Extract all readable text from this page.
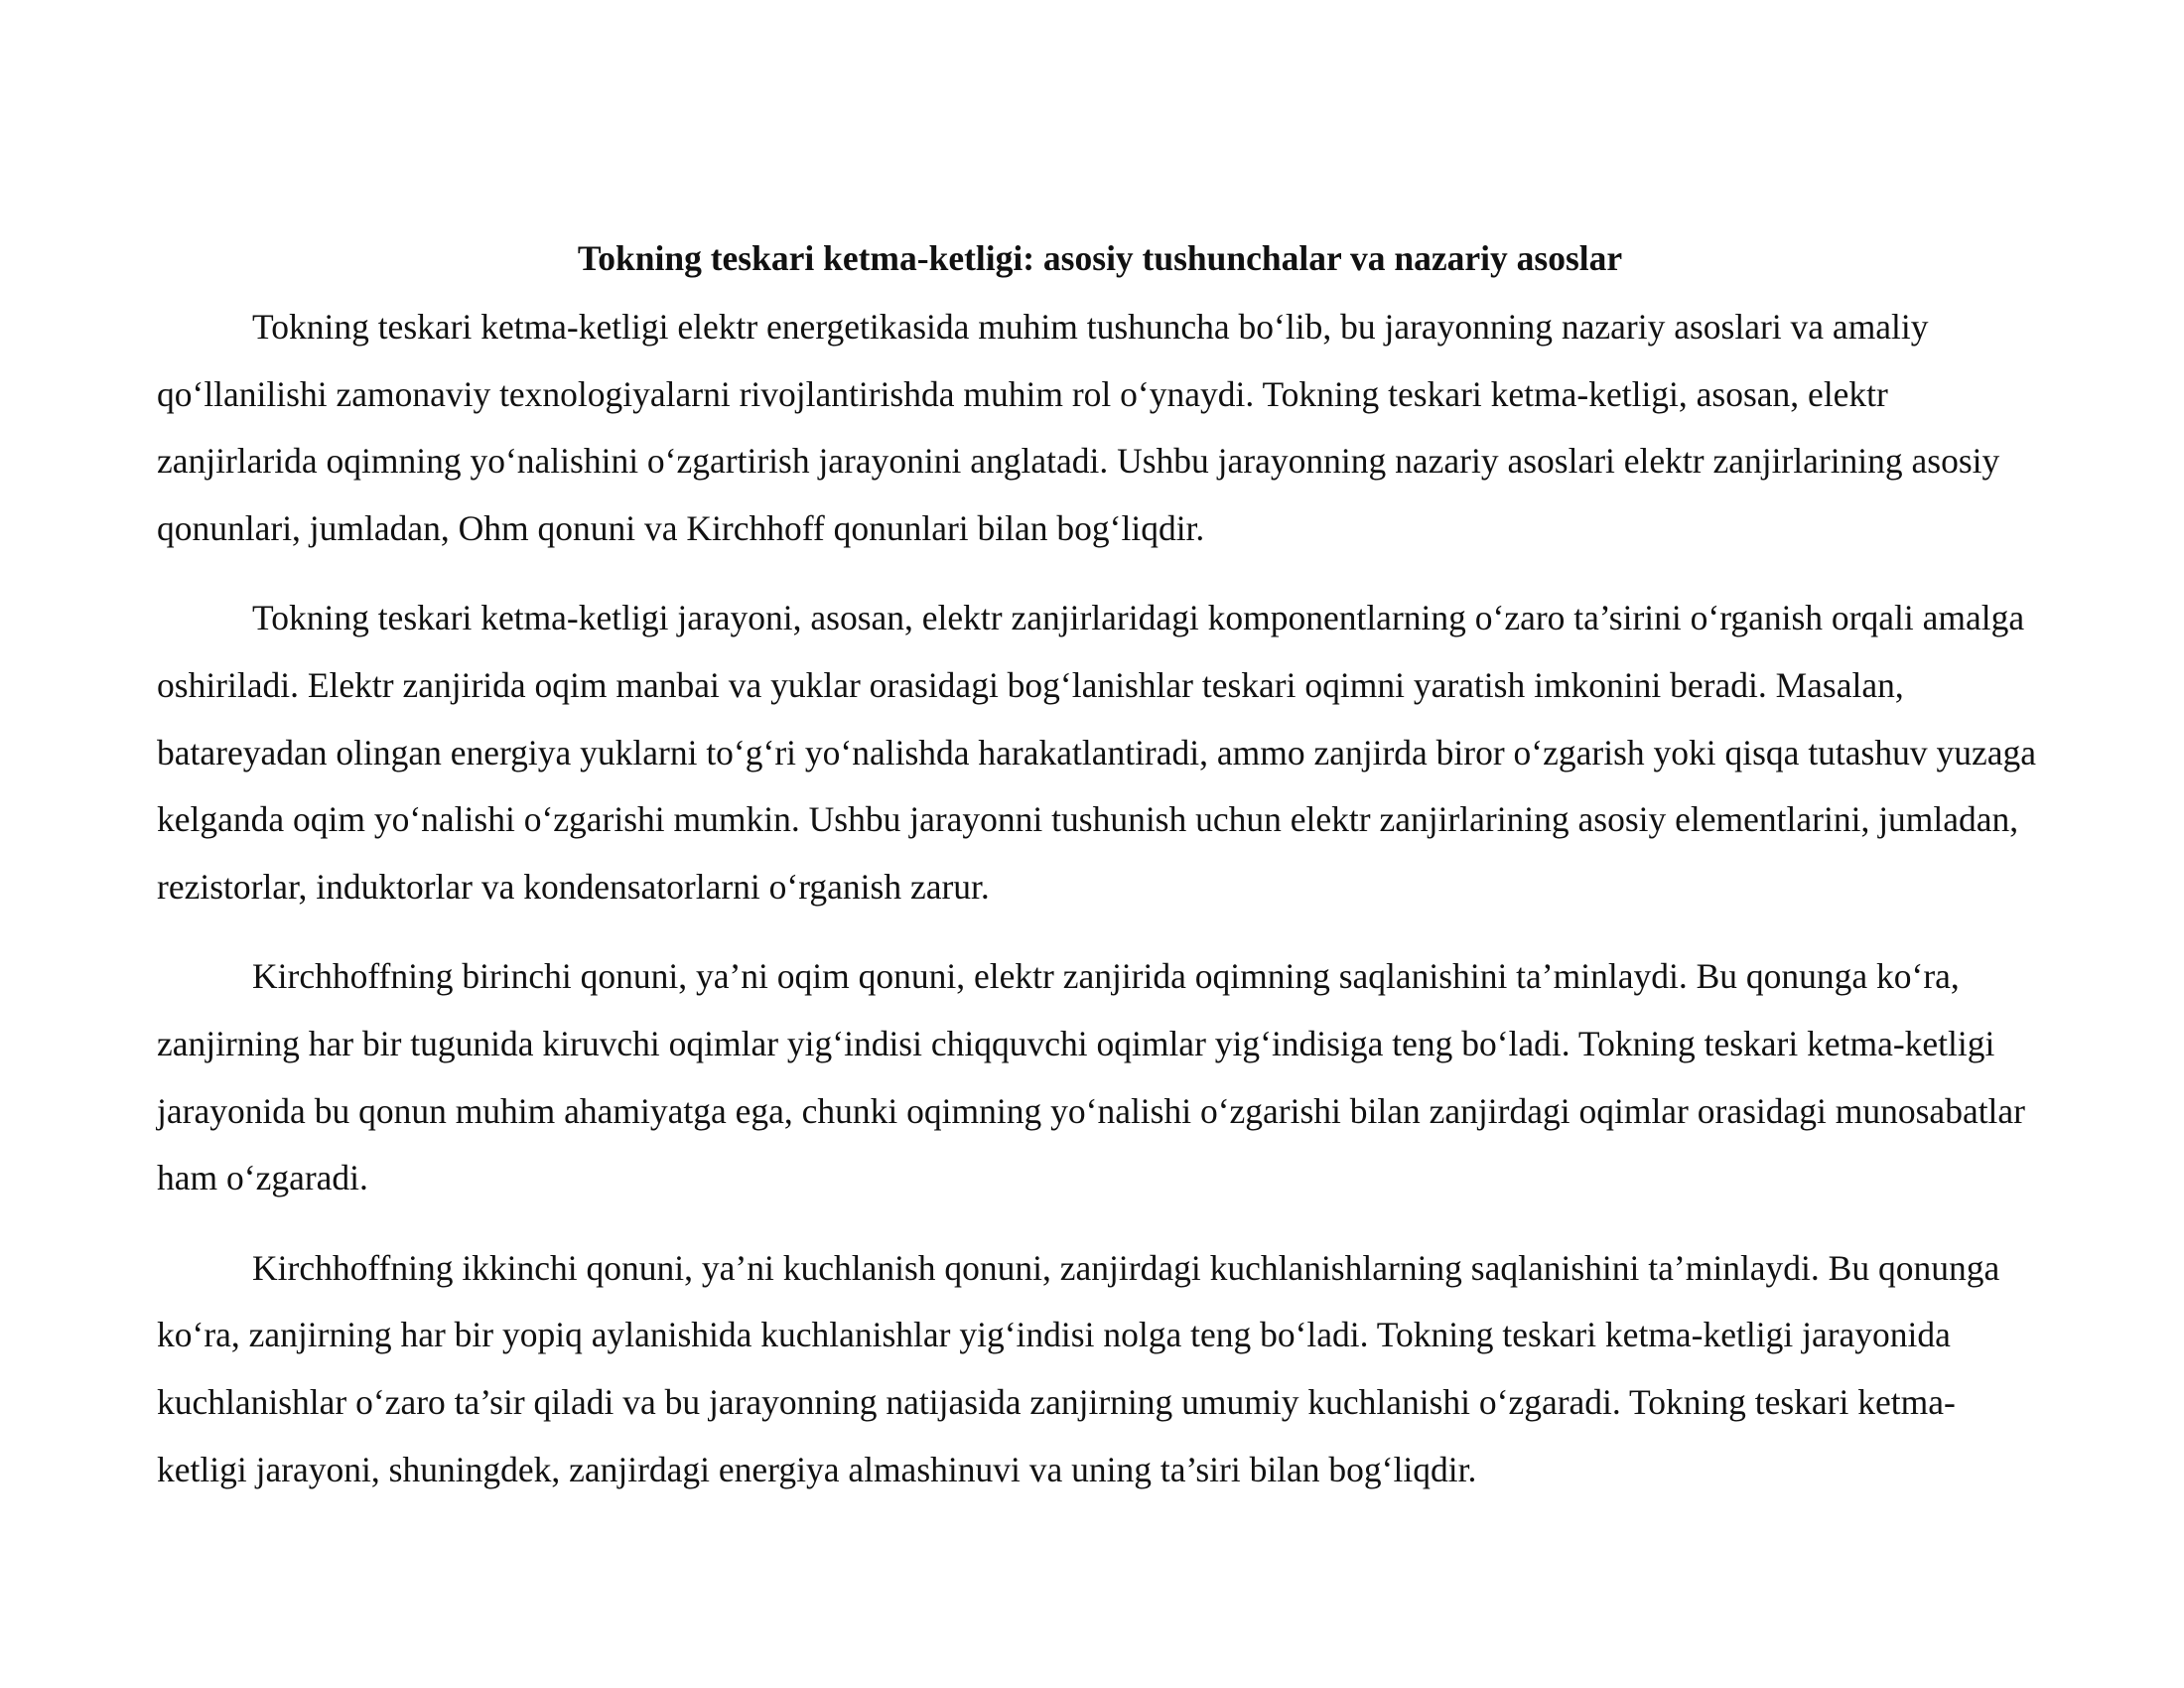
Tokning teskari ketma-ketligi: asosiy tushunchalar va nazariy asoslar

Tokning teskari ketma-ketligi elektr energetikasida muhim tushuncha bo‘lib, bu jarayonning nazariy asoslari va amaliy qo‘llanilishi zamonaviy texnologiyalarni rivojlantirishda muhim rol o‘ynaydi. Tokning teskari ketma-ketligi, asosan, elektr zanjirlarida oqimning yo‘nalishini o‘zgartirish jarayonini anglatadi. Ushbu jarayonning nazariy asoslari elektr zanjirlarining asosiy qonunlari, jumladan, Ohm qonuni va Kirchhoff qonunlari bilan bog‘liqdir.

Tokning teskari ketma-ketligi jarayoni, asosan, elektr zanjirlaridagi komponentlarning o‘zaro ta’sirini o‘rganish orqali amalga oshiriladi. Elektr zanjirida oqim manbai va yuklar orasidagi bog‘lanishlar teskari oqimni yaratish imkonini beradi. Masalan, batareyadan olingan energiya yuklarni to‘g‘ri yo‘nalishda harakatlantiradi, ammo zanjirda biror o‘zgarish yoki qisqa tutashuv yuzaga kelganda oqim yo‘nalishi o‘zgarishi mumkin. Ushbu jarayonni tushunish uchun elektr zanjirlarining asosiy elementlarini, jumladan, rezistorlar, induktorlar va kondensatorlarni o‘rganish zarur.

Kirchhoffning birinchi qonuni, ya’ni oqim qonuni, elektr zanjirida oqimning saqlanishini ta’minlaydi. Bu qonunga ko‘ra, zanjirning har bir tugunida kiruvchi oqimlar yig‘indisi chiqquvchi oqimlar yig‘indisiga teng bo‘ladi. Tokning teskari ketma-ketligi jarayonida bu qonun muhim ahamiyatga ega, chunki oqimning yo‘nalishi o‘zgarishi bilan zanjirdagi oqimlar orasidagi munosabatlar ham o‘zgaradi.

Kirchhoffning ikkinchi qonuni, ya’ni kuchlanish qonuni, zanjirdagi kuchlanishlarning saqlanishini ta’minlaydi. Bu qonunga ko‘ra, zanjirning har bir yopiq aylanishida kuchlanishlar yig‘indisi nolga teng bo‘ladi. Tokning teskari ketma-ketligi jarayonida kuchlanishlar o‘zaro ta’sir qiladi va bu jarayonning natijasida zanjirning umumiy kuchlanishi o‘zgaradi. Tokning teskari ketma-ketligi jarayoni, shuningdek, zanjirdagi energiya almashinuvi va uning ta’siri bilan bog‘liqdir.
